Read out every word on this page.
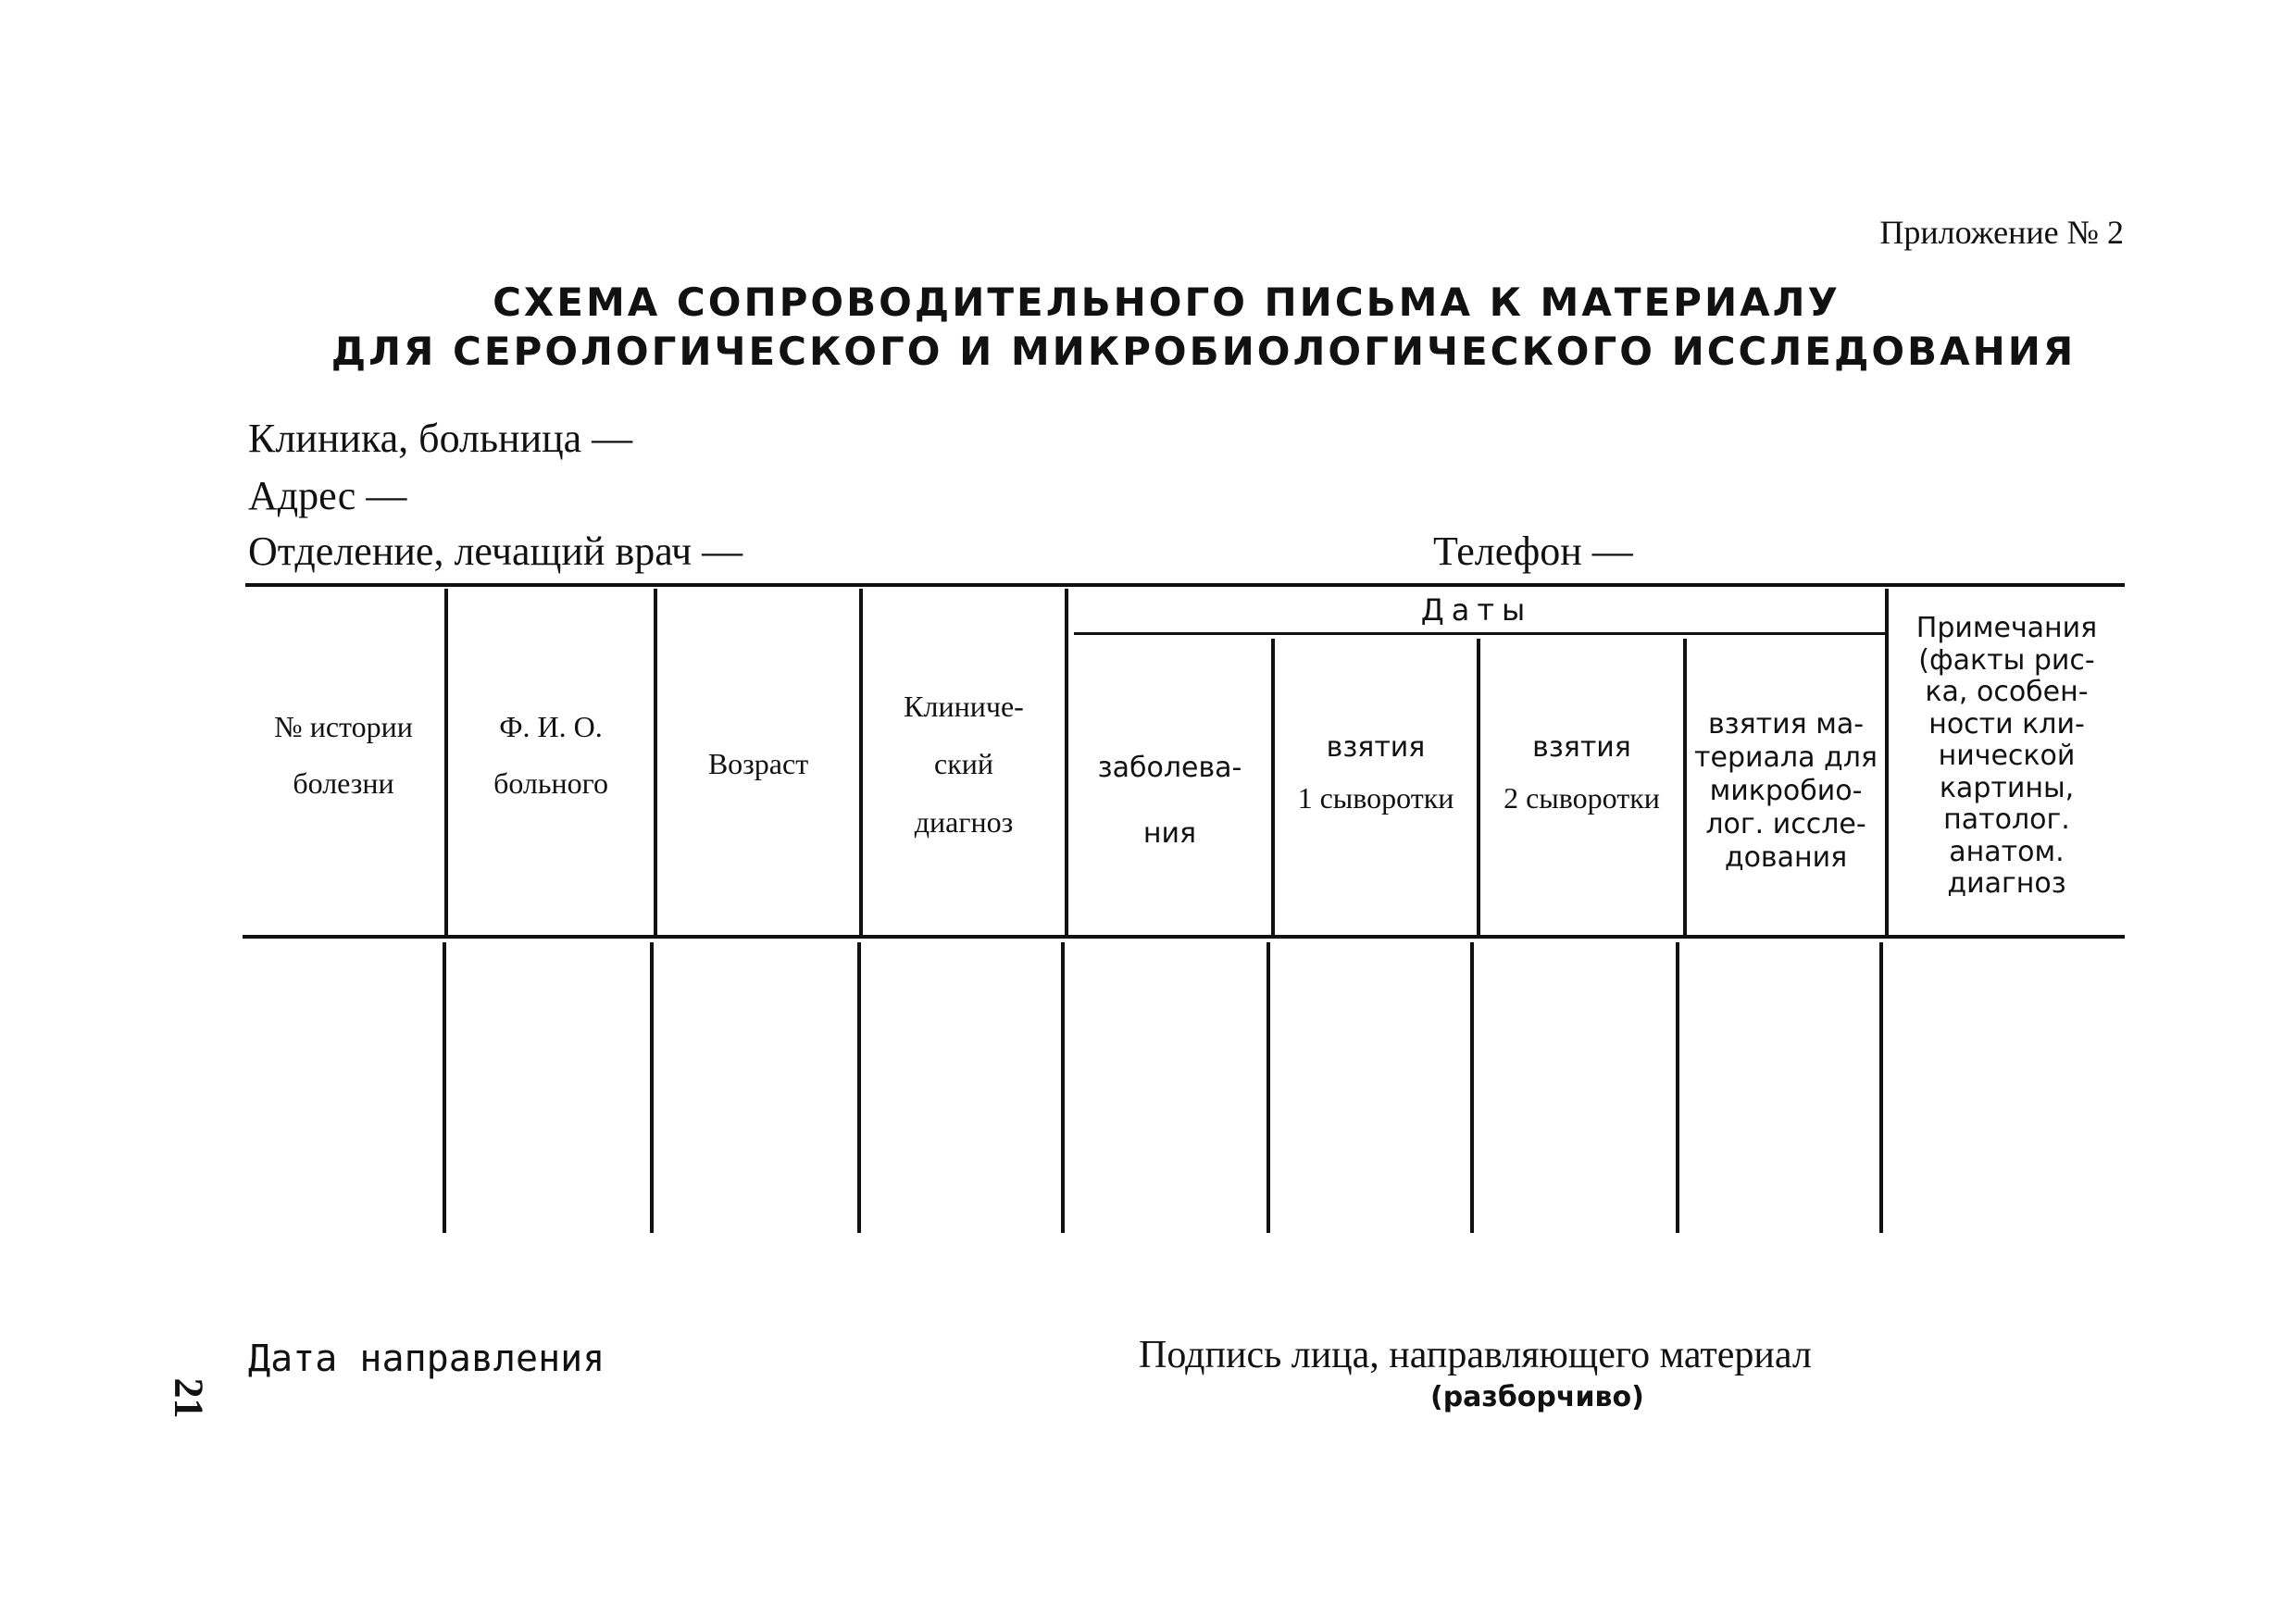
Приложение № 2
СХЕМА СОПРОВОДИТЕЛЬНОГО ПИСЬМА К МАТЕРИАЛУ
ДЛЯ СЕРОЛОГИЧЕСКОГО И МИКРОБИОЛОГИЧЕСКОГО ИССЛЕДОВАНИЯ
Клиника, больница —
Адрес —
Отделение, лечащий врач —	Телефон —
№ истории
болезни
Ф. И. О.
больного
Возраст
Клиниче-
ский
диагноз
Даты
заболева-
ния
взятия
1 сыворотки
взятия
2 сыворотки
взятия ма-
териала для
микробио-
лог. иссле-
дования
Примечания
(факты рис-
ка, особен-
ности кли-
нической
картины,
патолог.
анатом.
диагноз
Дата направления	Подпись лица, направляющего материал
(разборчиво)
21
